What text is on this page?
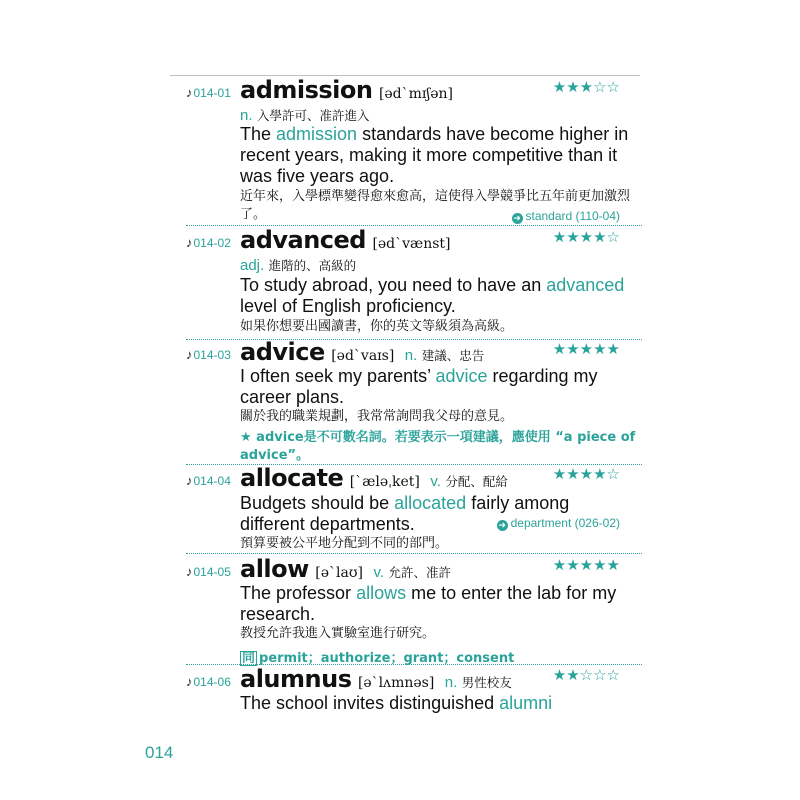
♪014-01 admission [əd`mɪʃən]	★★★☆☆
n. 入學許可、准許進入
The admission standards have become higher in recent years, making it more competitive than it was five years ago.
近年來，入學標準變得愈來愈高，這使得入學競爭比五年前更加激烈了。	➜ standard (110-04)
♪014-02 advanced [əd`vænst]	★★★★☆
adj. 進階的、高級的
To study abroad, you need to have an advanced level of English proficiency.
如果你想要出國讀書，你的英文等級須為高級。
♪014-03 advice [əd`vaɪs] n. 建議、忠告	★★★★★
I often seek my parents’ advice regarding my career plans.
關於我的職業規劃，我常常詢問我父母的意見。
★ advice是不可數名詞。若要表示一項建議，應使用 “a piece of advice”。
♪014-04 allocate [`æləˌket] v. 分配、配給	★★★★☆
Budgets should be allocated fairly among different departments.	➜ department (026-02)
預算要被公平地分配到不同的部門。
♪014-05 allow [ə`laʊ] v. 允許、准許	★★★★★
The professor allows me to enter the lab for my research.
教授允許我進入實驗室進行研究。
同 permit；authorize；grant；consent
♪014-06 alumnus [ə`lʌmnəs] n. 男性校友	★★☆☆☆
The school invites distinguished alumni
014
